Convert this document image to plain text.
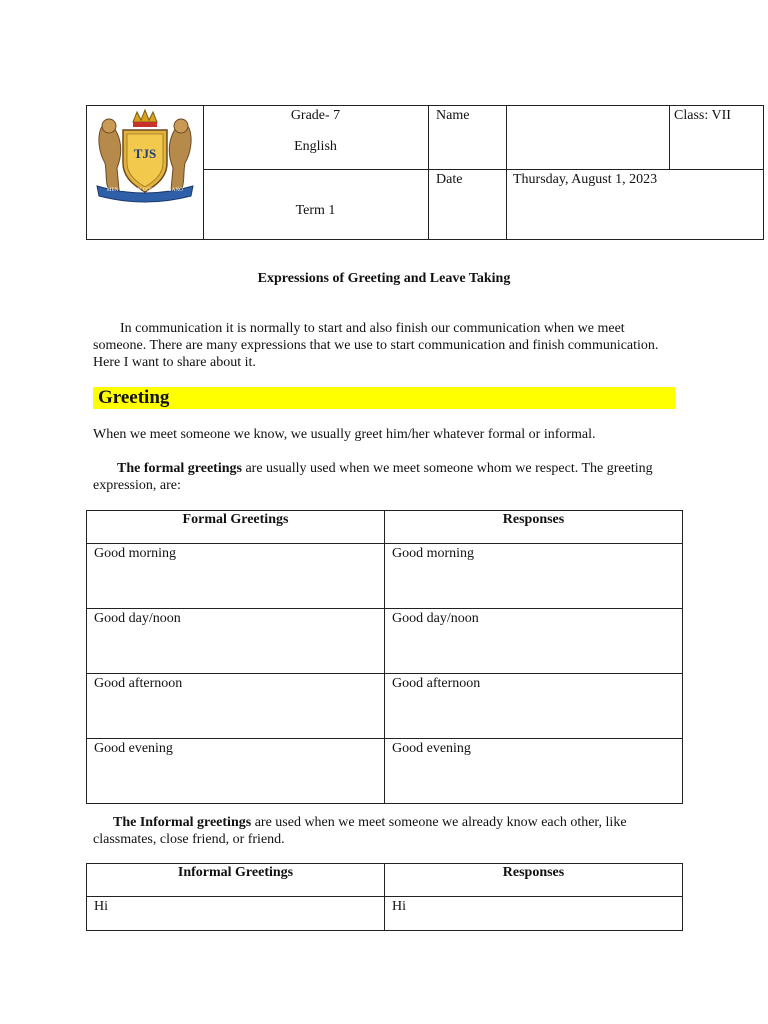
TJS
MEN SANA IN CORPORE SANO
Grade- 7
English
Term 1
Name	Class: VII
Date	Thursday, August 1, 2023
Expressions of Greeting and Leave Taking
In communication it is normally to start and also finish our communication when we meet someone. There are many expressions that we use to start communication and finish communication. Here I want to share about it.
Greeting
When we meet someone we know, we usually greet him/her whatever formal or informal.
The formal greetings are usually used when we meet someone whom we respect. The greeting expression, are:
Formal Greetings	Responses
Good morning	Good morning
Good day/noon	Good day/noon
Good afternoon	Good afternoon
Good evening	Good evening
The Informal greetings are used when we meet someone we already know each other, like classmates, close friend, or friend.
Informal Greetings	Responses
Hi	Hi
